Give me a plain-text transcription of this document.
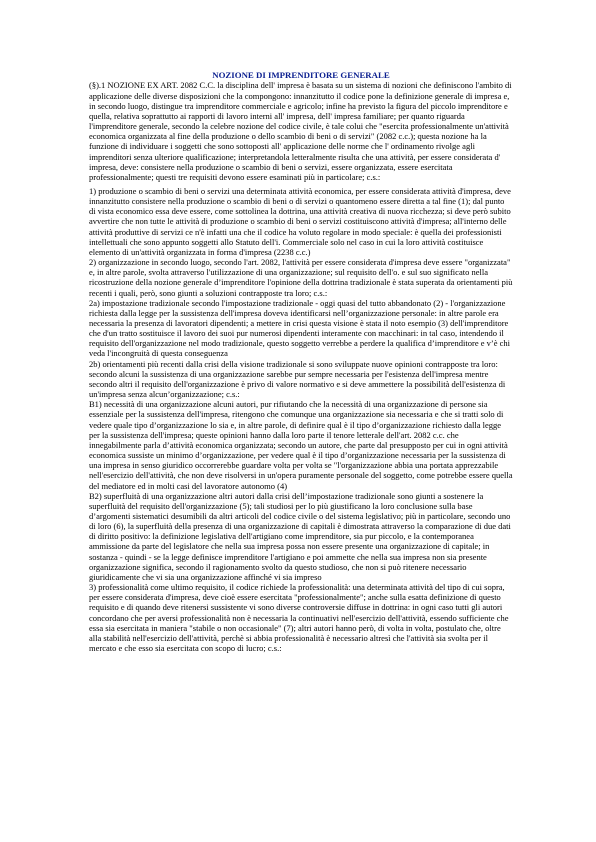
NOZIONE DI IMPRENDITORE GENERALE

(§).1 NOZIONE EX ART. 2082 C.C. la disciplina dell' impresa è basata su un sistema di nozioni che definiscono l'ambito di applicazione delle diverse disposizioni che la compongono: innanzitutto il codice pone la definizione generale di impresa e, in secondo luogo, distingue tra imprenditore commerciale e agricolo; infine ha previsto la figura del piccolo imprenditore e quella, relativa soprattutto ai rapporti di lavoro interni all' impresa, dell' impresa familiare; per quanto riguarda l'imprenditore generale, secondo la celebre nozione del codice civile, è tale colui che "esercita professionalmente un'attività economica organizzata al fine della produzione o dello scambio di beni o di servizi" (2082 c.c.); questa nozione ha la funzione di individuare i soggetti che sono sottoposti all' applicazione delle norme che l' ordinamento rivolge agli imprenditori senza ulteriore qualificazione; interpretandola letteralmente risulta che una attività, per essere considerata d' impresa, deve: consistere nella produzione o scambio di beni o servizi, essere organizzata, essere esercitata professionalmente; questi tre requisiti devono essere esaminati più in particolare; c.s.:

1) produzione o scambio di beni o servizi una determinata attività economica, per essere considerata attività d'impresa, deve innanzitutto consistere nella produzione o scambio di beni o di servizi o quantomeno essere diretta a tal fine (1); dal punto di vista economico essa deve essere, come sottolinea la dottrina, una attività creativa di nuova ricchezza; si deve però subito avvertire che non tutte le attività di produzione o scambio di beni o servizi costituiscono attività d'impresa; all'interno delle attività produttive di servizi ce n'è infatti una che il codice ha voluto regolare in modo speciale: è quella dei professionisti intellettuali che sono appunto soggetti allo Statuto dell'i. Commerciale solo nel caso in cui la loro attività costituisce elemento di un'attività organizzata in forma d'impresa (2238 c.c.)

2) organizzazione in secondo luogo, secondo l'art. 2082, l'attività per essere considerata d'impresa deve essere "organizzata" e, in altre parole, svolta attraverso l'utilizzazione di una organizzazione; sul requisito dell'o. e sul suo significato nella ricostruzione della nozione generale d’imprenditore l'opinione della dottrina tradizionale è stata superata da orientamenti più recenti i quali, però, sono giunti a soluzioni contrapposte tra loro; c.s.:

2a) impostazione tradizionale secondo l'impostazione tradizionale - oggi quasi del tutto abbandonato (2) - l'organizzazione richiesta dalla legge per la sussistenza dell'impresa doveva identificarsi nell’organizzazione personale: in altre parole era necessaria la presenza di lavoratori dipendenti; a mettere in crisi questa visione è stata il noto esempio (3) dell'imprenditore che d'un tratto sostituisce il lavoro dei suoi pur numerosi dipendenti interamente con macchinari: in tal caso, intendendo il requisito dell'organizzazione nel modo tradizionale, questo soggetto verrebbe a perdere la qualifica d’imprenditore e v’è chi veda l'incongruità di questa conseguenza

2b) orientamenti più recenti dalla crisi della visione tradizionale si sono sviluppate nuove opinioni contrapposte tra loro: secondo alcuni la sussistenza di una organizzazione sarebbe pur sempre necessaria per l'esistenza dell'impresa mentre secondo altri il requisito dell'organizzazione è privo di valore normativo e si deve ammettere la possibilità dell'esistenza di un'impresa senza alcun’organizzazione; c.s.:

B1) necessità di una organizzazione alcuni autori, pur rifiutando che la necessità di una organizzazione di persone sia essenziale per la sussistenza dell'impresa, ritengono che comunque una organizzazione sia necessaria e che si tratti solo di vedere quale tipo d’organizzazione lo sia e, in altre parole, di definire qual è il tipo d’organizzazione richiesto dalla legge per la sussistenza dell'impresa; queste opinioni hanno dalla loro parte il tenore letterale dell'art. 2082 c.c. che innegabilmente parla d’attività economica organizzata; secondo un autore, che parte dal presupposto per cui in ogni attività economica sussiste un minimo d’organizzazione, per vedere qual è il tipo d’organizzazione necessaria per la sussistenza di una impresa in senso giuridico occorrerebbe guardare volta per volta se "l'organizzazione abbia una portata apprezzabile nell'esercizio dell'attività, che non deve risolversi in un'opera puramente personale del soggetto, come potrebbe essere quella del mediatore ed in molti casi del lavoratore autonomo (4)

B2) superfluità di una organizzazione altri autori dalla crisi dell’impostazione tradizionale sono giunti a sostenere la superfluità del requisito dell'organizzazione (5); tali studiosi per lo più giustificano la loro conclusione sulla base d’argomenti sistematici desumibili da altri articoli del codice civile o del sistema legislativo; più in particolare, secondo uno di loro (6), la superfluità della presenza di una organizzazione di capitali è dimostrata attraverso la comparazione di due dati di diritto positivo: la definizione legislativa dell'artigiano come imprenditore, sia pur piccolo, e la contemporanea ammissione da parte del legislatore che nella sua impresa possa non essere presente una organizzazione di capitale; in sostanza - quindi - se la legge definisce imprenditore l'artigiano e poi ammette che nella sua impresa non sia presente organizzazione significa, secondo il ragionamento svolto da questo studioso, che non si può ritenere necessario giuridicamente che vi sia una organizzazione affinché vi sia impreso

3) professionalità come ultimo requisito, il codice richiede la professionalità: una determinata attività del tipo di cui sopra, per essere considerata d'impresa, deve cioè essere esercitata "professionalmente"; anche sulla esatta definizione di questo requisito e di quando deve ritenersi sussistente vi sono diverse controversie diffuse in dottrina: in ogni caso tutti gli autori concordano che per aversi professionalità non è necessaria la continuativi nell'esercizio dell'attività, essendo sufficiente che essa sia esercitata in maniera "stabile o non occasionale" (7); altri autori hanno però, di volta in volta, postulato che, oltre alla stabilità nell'esercizio dell'attività, perchè si abbia professionalità è necessario altresì che l'attività sia svolta per il mercato e che esso sia esercitata con scopo di lucro; c.s.:
